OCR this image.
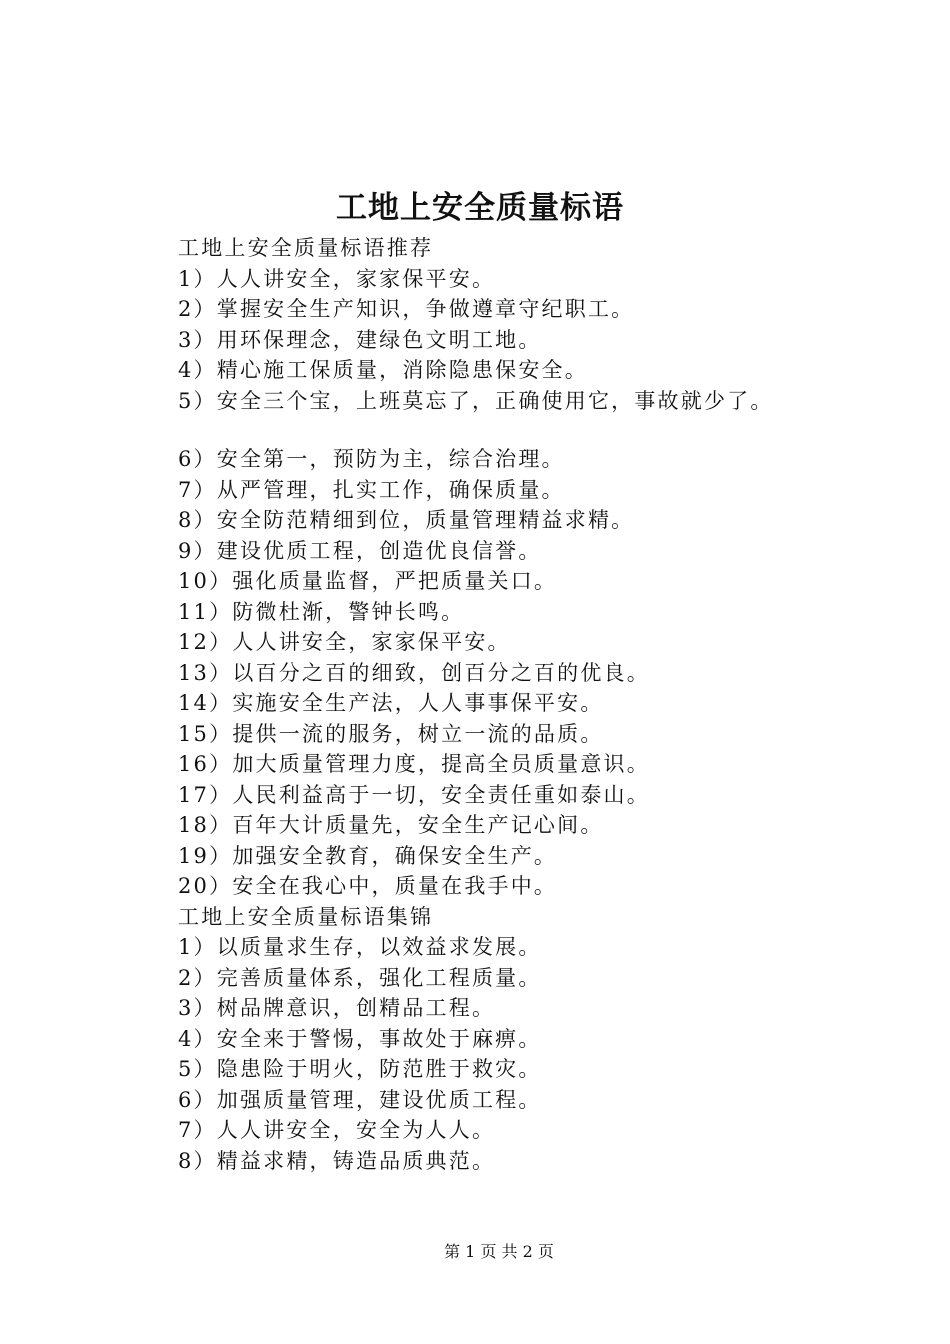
工地上安全质量标语
工地上安全质量标语推荐
1）人人讲安全，家家保平安。
2）掌握安全生产知识，争做遵章守纪职工。
3）用环保理念，建绿色文明工地。
4）精心施工保质量，消除隐患保安全。
5）安全三个宝，上班莫忘了，正确使用它，事故就少了。
6）安全第一，预防为主，综合治理。
7）从严管理，扎实工作，确保质量。
8）安全防范精细到位，质量管理精益求精。
9）建设优质工程，创造优良信誉。
10）强化质量监督，严把质量关口。
11）防微杜渐，警钟长鸣。
12）人人讲安全，家家保平安。
13）以百分之百的细致，创百分之百的优良。
14）实施安全生产法，人人事事保平安。
15）提供一流的服务，树立一流的品质。
16）加大质量管理力度，提高全员质量意识。
17）人民利益高于一切，安全责任重如泰山。
18）百年大计质量先，安全生产记心间。
19）加强安全教育，确保安全生产。
20）安全在我心中，质量在我手中。
工地上安全质量标语集锦
1）以质量求生存，以效益求发展。
2）完善质量体系，强化工程质量。
3）树品牌意识，创精品工程。
4）安全来于警惕，事故处于麻痹。
5）隐患险于明火，防范胜于救灾。
6）加强质量管理，建设优质工程。
7）人人讲安全，安全为人人。
8）精益求精，铸造品质典范。
第 1 页 共 2 页
